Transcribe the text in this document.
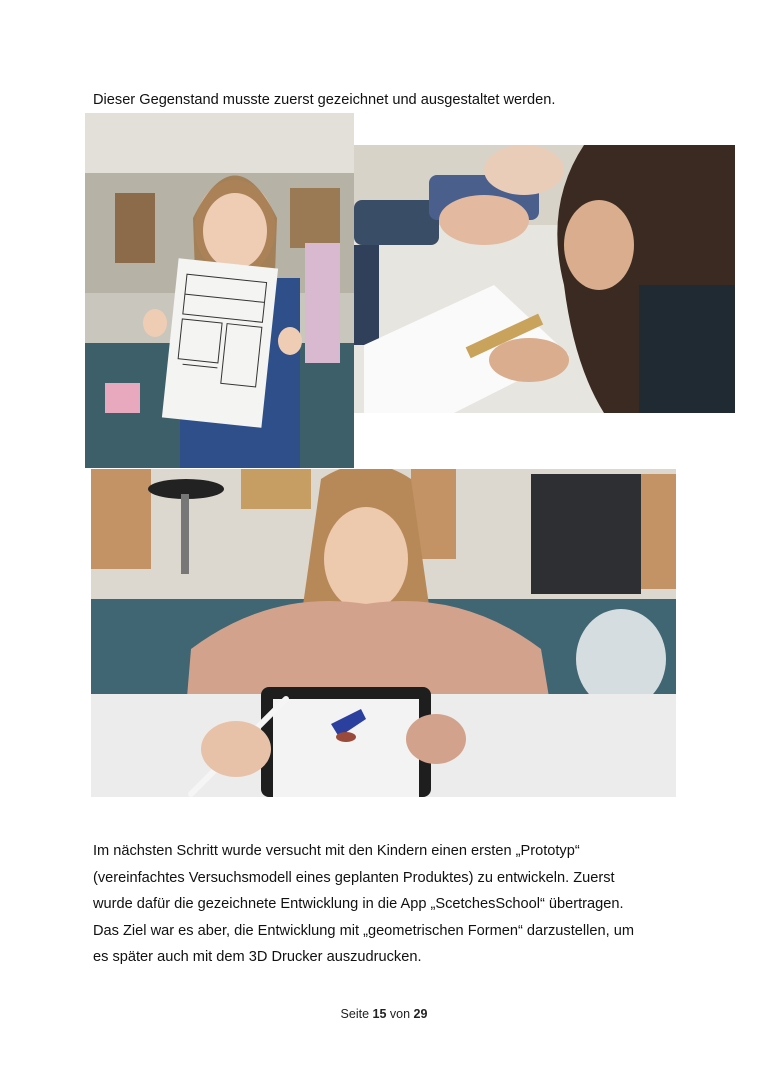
Dieser Gegenstand musste zuerst gezeichnet und ausgestaltet werden.
Im nächsten Schritt wurde versucht mit den Kindern einen ersten „Prototyp“
(vereinfachtes Versuchsmodell eines geplanten Produktes) zu entwickeln. Zuerst
wurde dafür die gezeichnete Entwicklung in die App „ScetchesSchool“ übertragen.
Das Ziel war es aber, die Entwicklung mit „geometrischen Formen“ darzustellen, um
es später auch mit dem 3D Drucker auszudrucken.
Seite 15 von 29
